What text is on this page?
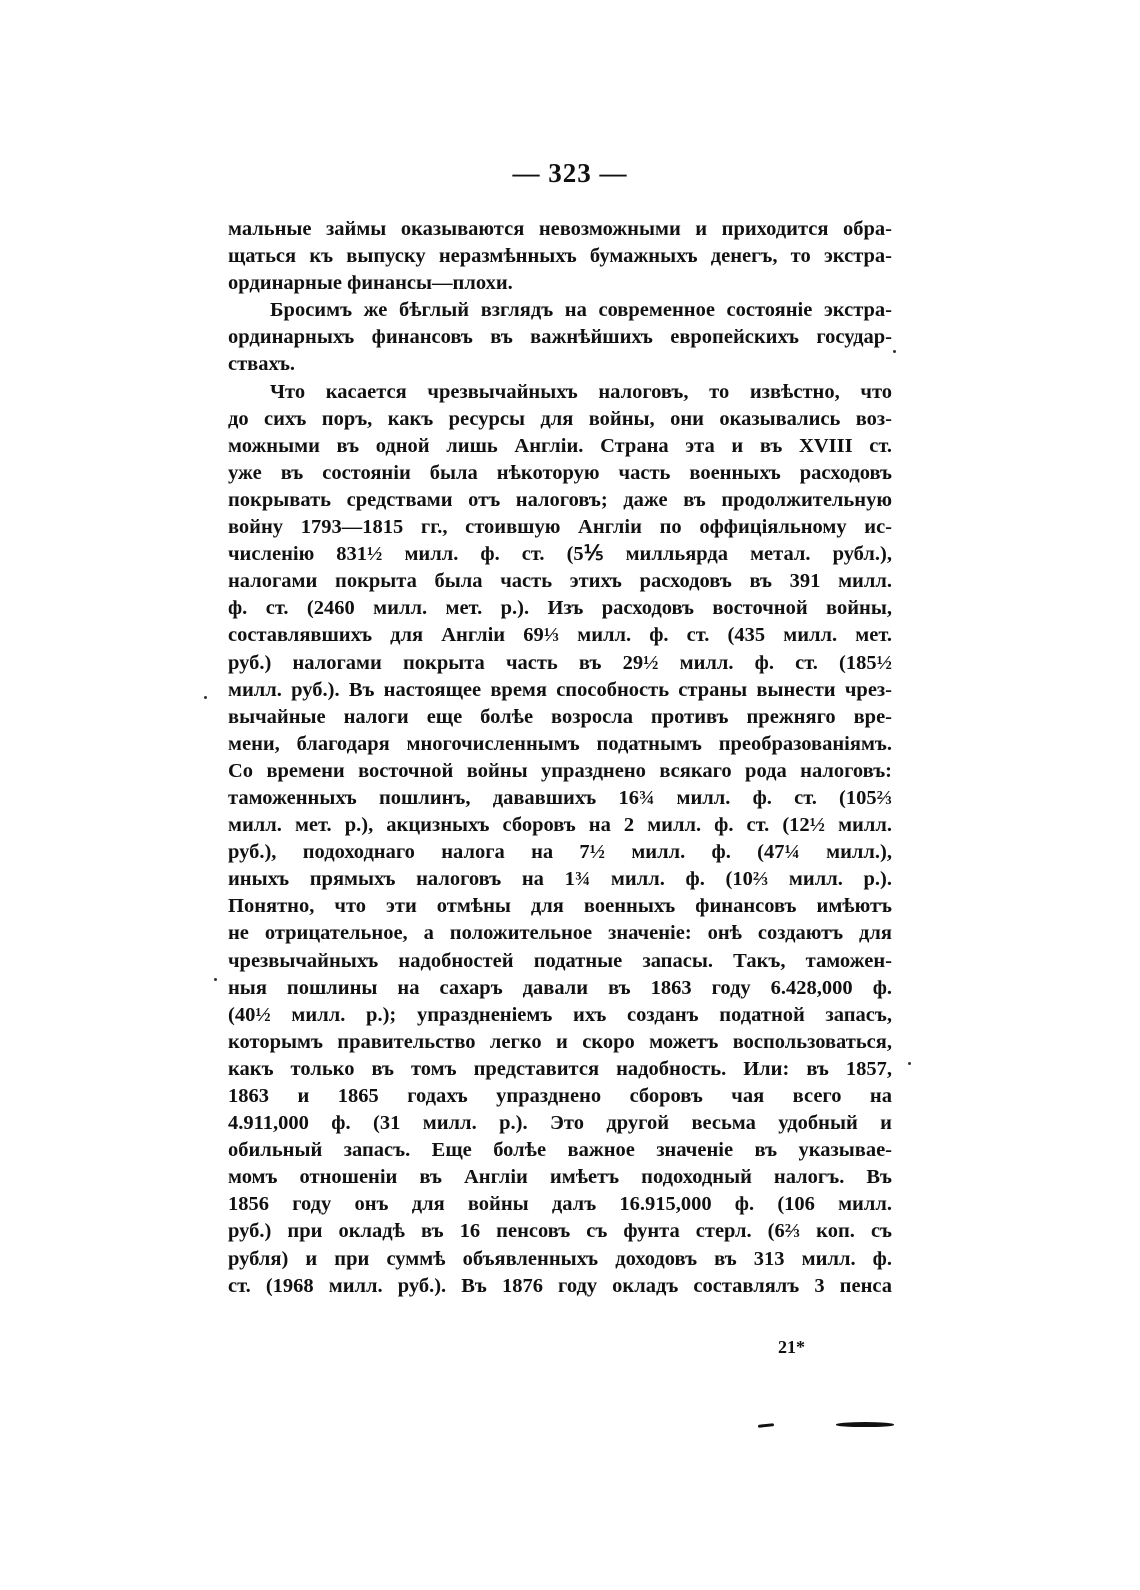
— 323 —
мальные займы оказываются невозможными и приходится обра-
щаться къ выпуску неразмѣнныхъ бумажныхъ денегъ, то экстра-
ординарные финансы—плохи.
Бросимъ же бѣглый взглядъ на современное состояніе экстра-
ординарныхъ финансовъ въ важнѣйшихъ европейскихъ государ-
ствахъ.
Что касается чрезвычайныхъ налоговъ, то извѣстно, что
до сихъ поръ, какъ ресурсы для войны, они оказывались воз-
можными въ одной лишь Англіи. Страна эта и въ XVIII ст.
уже въ состояніи была нѣкоторую часть военныхъ расходовъ
покрывать средствами отъ налоговъ; даже въ продолжительную
войну 1793—1815 гг., стоившую Англіи по оффиціяльному ис-
численію 831½ милл. ф. ст. (5⅕ милльярда метал. рубл.),
налогами покрыта была часть этихъ расходовъ въ 391 милл.
ф. ст. (2460 милл. мет. р.). Изъ расходовъ восточной войны,
составлявшихъ для Англіи 69⅓ милл. ф. ст. (435 милл. мет.
руб.) налогами покрыта часть въ 29½ милл. ф. ст. (185½
милл. руб.). Въ настоящее время способность страны вынести чрез-
вычайные налоги еще болѣе возросла противъ прежняго вре-
мени, благодаря многочисленнымъ податнымъ преобразованіямъ.
Со времени восточной войны упразднено всякаго рода налоговъ:
таможенныхъ пошлинъ, дававшихъ 16¾ милл. ф. ст. (105⅔
милл. мет. р.), акцизныхъ сборовъ на 2 милл. ф. ст. (12½ милл.
руб.), подоходнаго налога на 7½ милл. ф. (47¼ милл.),
иныхъ прямыхъ налоговъ на 1¾ милл. ф. (10⅔ милл. р.).
Понятно, что эти отмѣны для военныхъ финансовъ имѣютъ
не отрицательное, а положительное значеніе: онѣ создаютъ для
чрезвычайныхъ надобностей податные запасы. Такъ, таможен-
ныя пошлины на сахаръ давали въ 1863 году 6.428,000 ф.
(40½ милл. р.); упраздненіемъ ихъ созданъ податной запасъ,
которымъ правительство легко и скоро можетъ воспользоваться,
какъ только въ томъ представится надобность. Или: въ 1857,
1863 и 1865 годахъ упразднено сборовъ чая всего на
4.911,000 ф. (31 милл. р.). Это другой весьма удобный и
обильный запасъ. Еще болѣе важное значеніе въ указывае-
момъ отношеніи въ Англіи имѣетъ подоходный налогъ. Въ
1856 году онъ для войны далъ 16.915,000 ф. (106 милл.
руб.) при окладѣ въ 16 пенсовъ съ фунта стерл. (6⅔ коп. съ
рубля) и при суммѣ объявленныхъ доходовъ въ 313 милл. ф.
ст. (1968 милл. руб.). Въ 1876 году окладъ составлялъ 3 пенса
21*
